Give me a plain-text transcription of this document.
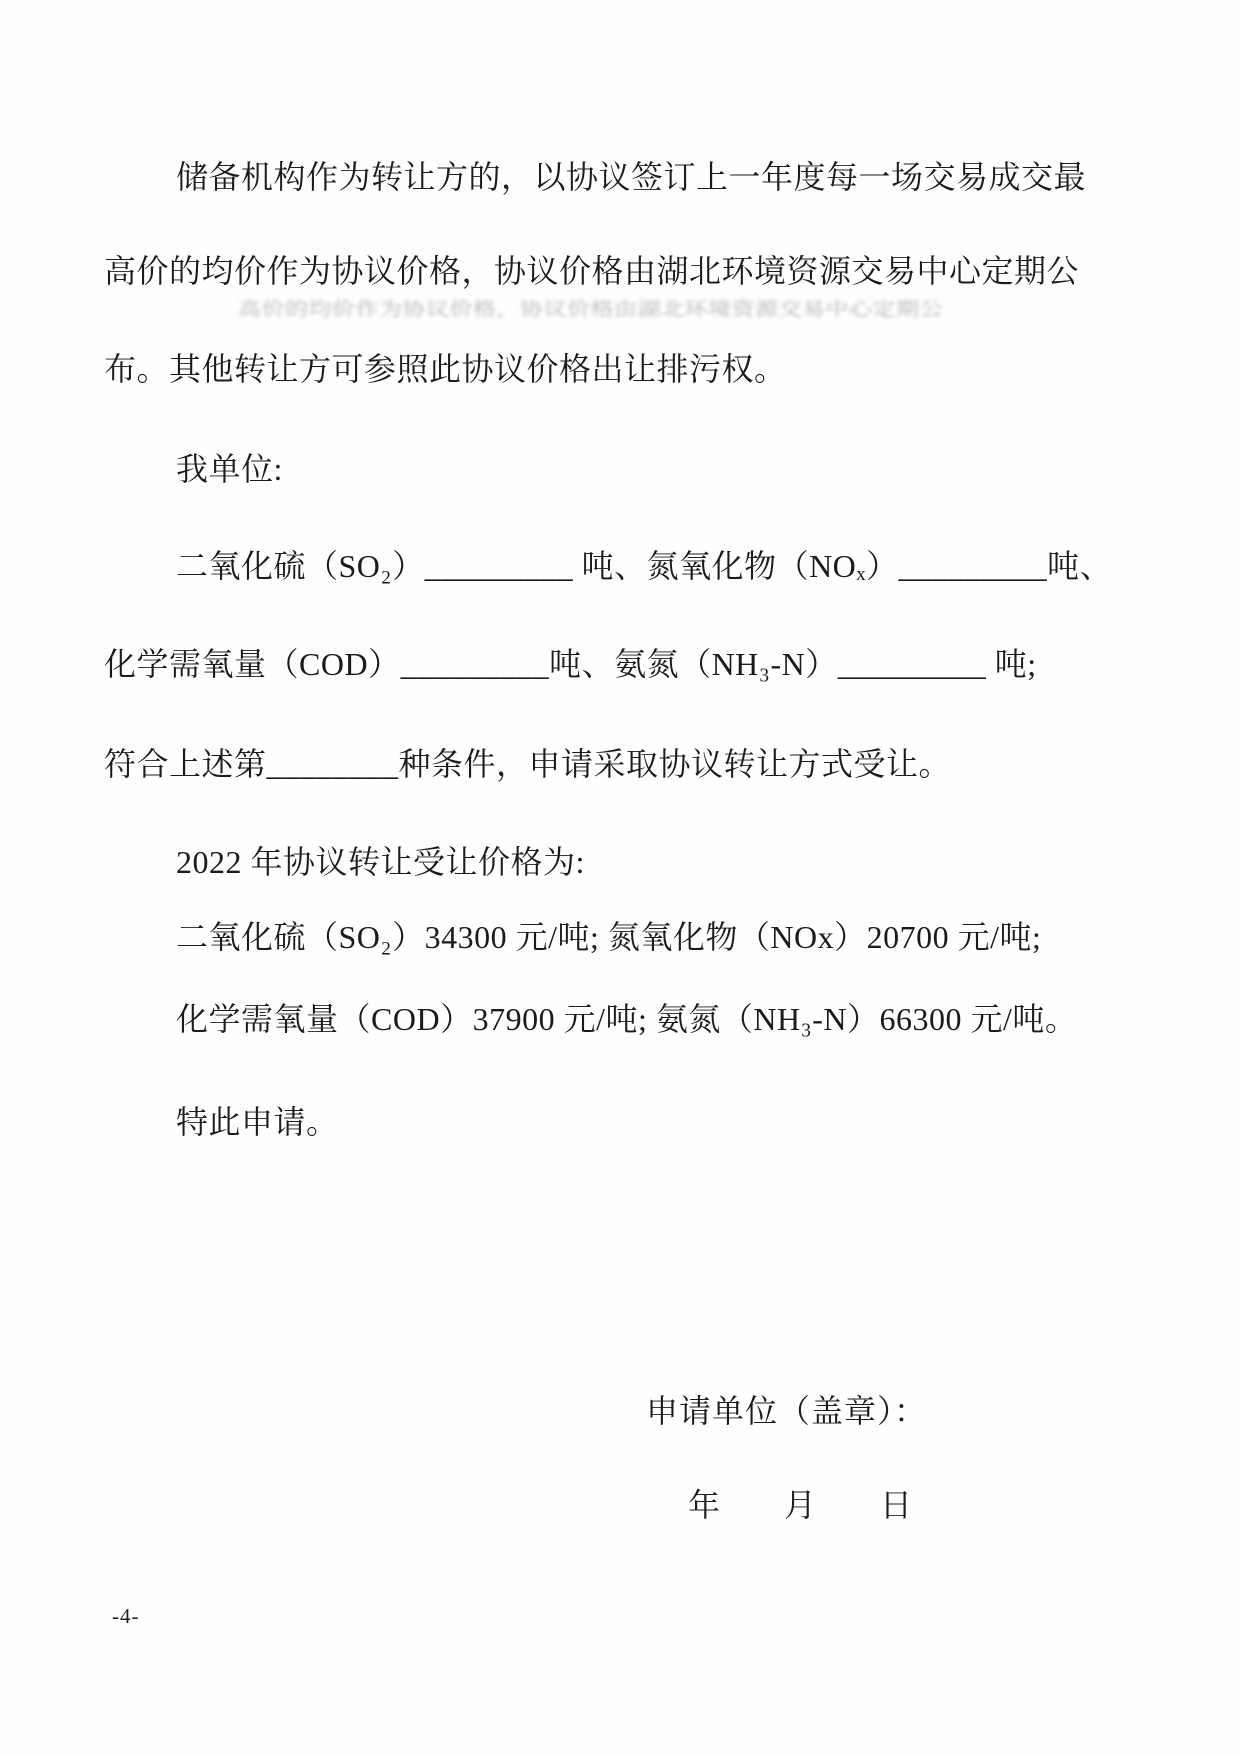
储备机构作为转让方的，以协议签订上一年度每一场交易成交最
高价的均价作为协议价格，协议价格由湖北环境资源交易中心定期公
高价的均价作为协议价格，协议价格由湖北环境资源交易中心定期公
布。其他转让方可参照此协议价格出让排污权。
我单位:
二氧化硫（SO₂）_________ 吨、氮氧化物（NOₓ）_________吨、
化学需氧量（COD）_________吨、氨氮（NH₃-N）_________ 吨;
符合上述第________种条件，申请采取协议转让方式受让。
2022 年协议转让受让价格为:
二氧化硫（SO₂）34300 元/吨; 氮氧化物（NOx）20700 元/吨;
化学需氧量（COD）37900 元/吨; 氨氮（NH₃-N）66300 元/吨。
特此申请。
申请单位（盖章）：
年　　月　　日
-4-
